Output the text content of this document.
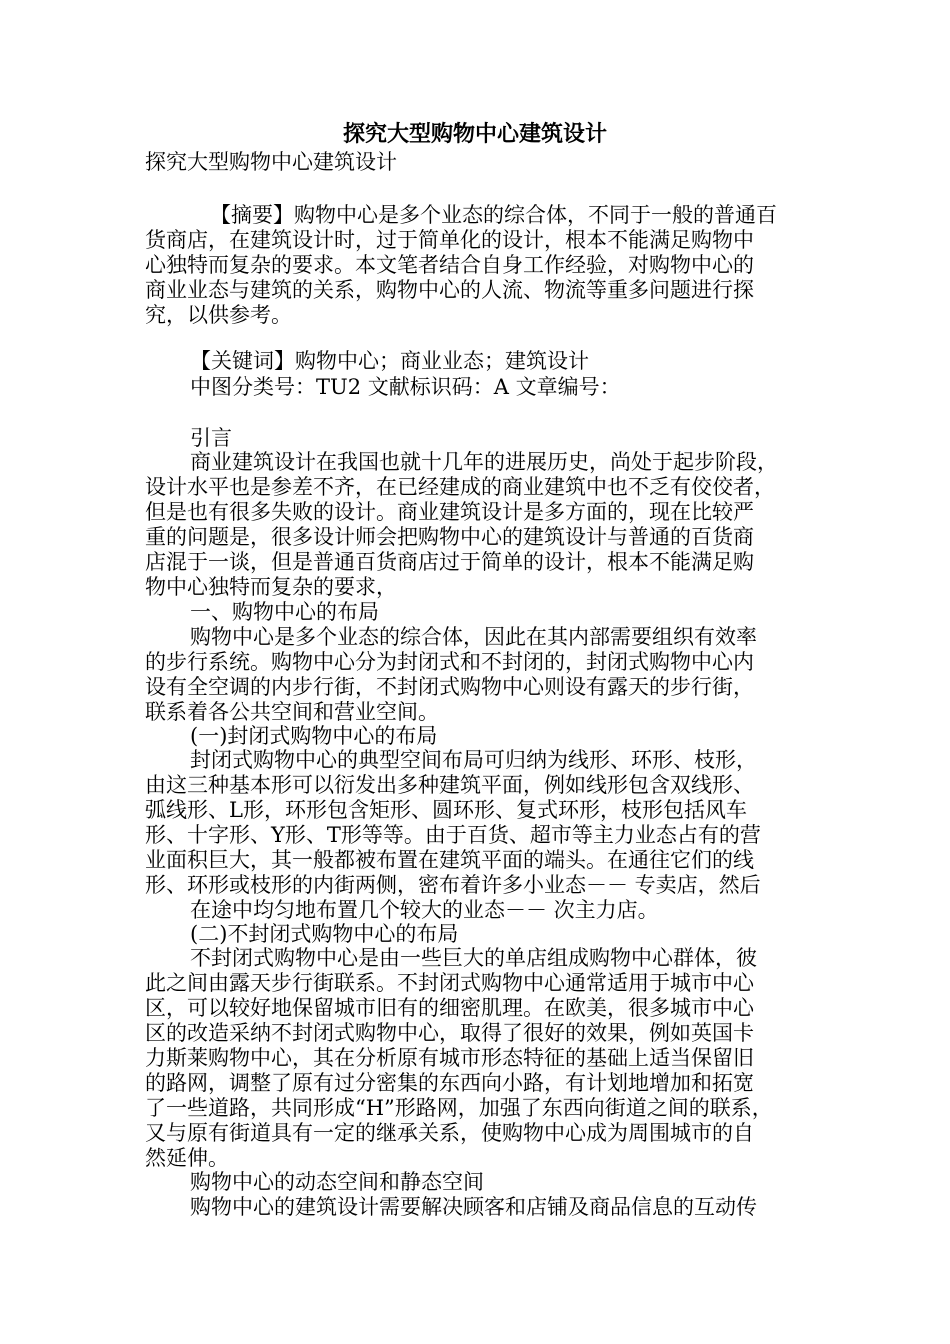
探究大型购物中心建筑设计
探究大型购物中心建筑设计
【摘要】购物中心是多个业态的综合体，不同于一般的普通百
货商店，在建筑设计时，过于简单化的设计，根本不能满足购物中
心独特而复杂的要求。本文笔者结合自身工作经验，对购物中心的
商业业态与建筑的关系，购物中心的人流、物流等重多问题进行探
究，以供参考。
【关键词】购物中心；商业业态；建筑设计
中图分类号：TU2 文献标识码：A 文章编号：
引言
商业建筑设计在我国也就十几年的进展历史，尚处于起步阶段，
设计水平也是参差不齐，在已经建成的商业建筑中也不乏有佼佼者，
但是也有很多失败的设计。商业建筑设计是多方面的，现在比较严
重的问题是，很多设计师会把购物中心的建筑设计与普通的百货商
店混于一谈，但是普通百货商店过于简单的设计，根本不能满足购
物中心独特而复杂的要求，
一、购物中心的布局
购物中心是多个业态的综合体，因此在其内部需要组织有效率
的步行系统。购物中心分为封闭式和不封闭的，封闭式购物中心内
设有全空调的内步行街，不封闭式购物中心则设有露天的步行街，
联系着各公共空间和营业空间。
(一)封闭式购物中心的布局
封闭式购物中心的典型空间布局可归纳为线形、环形、枝形，
由这三种基本形可以衍发出多种建筑平面，例如线形包含双线形、
弧线形、L形，环形包含矩形、圆环形、复式环形，枝形包括风车
形、十字形、Y形、T形等等。由于百货、超市等主力业态占有的营
业面积巨大，其一般都被布置在建筑平面的端头。在通往它们的线
形、环形或枝形的内街两侧，密布着许多小业态－－ 专卖店，然后
在途中均匀地布置几个较大的业态－－ 次主力店。
(二)不封闭式购物中心的布局
不封闭式购物中心是由一些巨大的单店组成购物中心群体，彼
此之间由露天步行街联系。不封闭式购物中心通常适用于城市中心
区，可以较好地保留城市旧有的细密肌理。在欧美，很多城市中心
区的改造采纳不封闭式购物中心，取得了很好的效果，例如英国卡
力斯莱购物中心，其在分析原有城市形态特征的基础上适当保留旧
的路网，调整了原有过分密集的东西向小路，有计划地增加和拓宽
了一些道路，共同形成“H”形路网，加强了东西向街道之间的联系，
又与原有街道具有一定的继承关系，使购物中心成为周围城市的自
然延伸。
购物中心的动态空间和静态空间
购物中心的建筑设计需要解决顾客和店铺及商品信息的互动传
